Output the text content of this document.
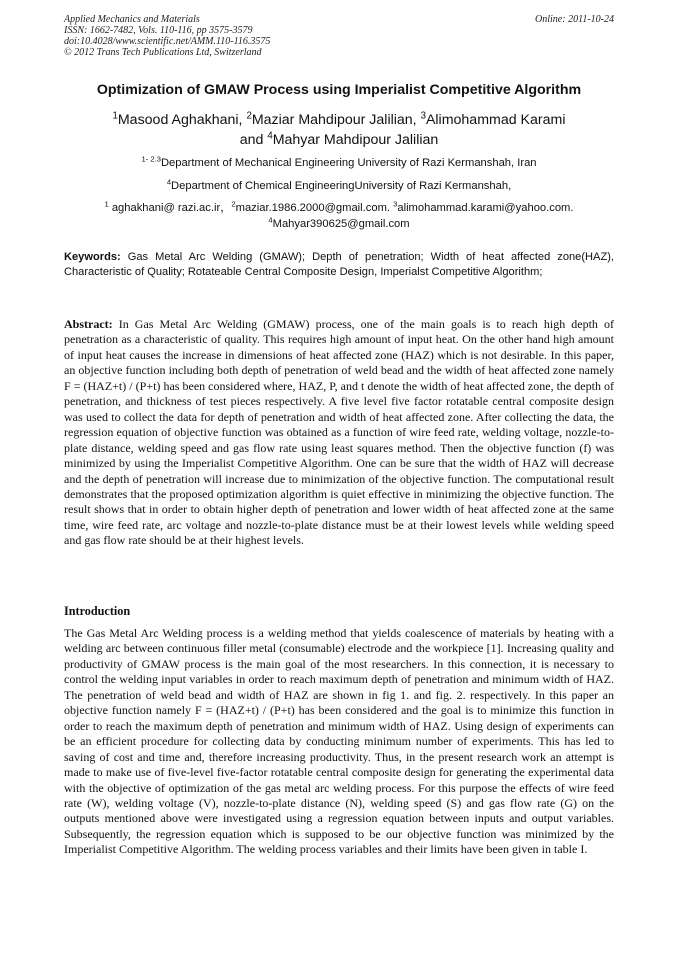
Applied Mechanics and Materials
ISSN: 1662-7482, Vols. 110-116, pp 3575-3579
doi:10.4028/www.scientific.net/AMM.110-116.3575
© 2012 Trans Tech Publications Ltd, Switzerland
Online: 2011-10-24
Optimization of GMAW Process using Imperialist Competitive Algorithm
$^1$Masood Aghakhani, $^2$Maziar Mahdipour Jalilian, $^3$Alimohammad Karami
and $^4$Mahyar Mahdipour Jalilian
$^{1- 2.3}$Department of Mechanical Engineering University of Razi Kermanshah, Iran
$^4$Department of Chemical EngineeringUniversity of Razi Kermanshah,
$^1$ aghakhani@ razi.ac.ir，$^2$maziar.1986.2000@gmail.com. $^3$alimohammad.karami@yahoo.com.
$^4$Mahyar390625@gmail.com
Keywords: Gas Metal Arc Welding (GMAW); Depth of penetration; Width of heat affected zone(HAZ), Characteristic of Quality; Rotateable Central Composite Design, Imperialst Competitive Algorithm;
Abstract: In Gas Metal Arc Welding (GMAW) process, one of the main goals is to reach high depth of penetration as a characteristic of quality. This requires high amount of input heat. On the other hand high amount of input heat causes the increase in dimensions of heat affected zone (HAZ) which is not desirable. In this paper, an objective function including both depth of penetration of weld bead and the width of heat affected zone namely F = (HAZ+t) / (P+t) has been considered where, HAZ, P, and t denote the width of heat affected zone, the depth of penetration, and thickness of test pieces respectively. A five level five factor rotatable central composite design was used to collect the data for depth of penetration and width of heat affected zone. After collecting the data, the regression equation of objective function was obtained as a function of wire feed rate, welding voltage, nozzle-to-plate distance, welding speed and gas flow rate using least squares method. Then the objective function (f) was minimized by using the Imperialist Competitive Algorithm. One can be sure that the width of HAZ will decrease and the depth of penetration will increase due to minimization of the objective function. The computational result demonstrates that the proposed optimization algorithm is quiet effective in minimizing the objective function. The result shows that in order to obtain higher depth of penetration and lower width of heat affected zone at the same time, wire feed rate, arc voltage and nozzle-to-plate distance must be at their lowest levels while welding speed and gas flow rate should be at their highest levels.
Introduction
The Gas Metal Arc Welding process is a welding method that yields coalescence of materials by heating with a welding arc between continuous filler metal (consumable) electrode and the workpiece [1]. Increasing quality and productivity of GMAW process is the main goal of the most researchers. In this connection, it is necessary to control the welding input variables in order to reach maximum depth of penetration and minimum width of HAZ. The penetration of weld bead and width of HAZ are shown in fig 1. and fig. 2. respectively. In this paper an objective function namely F = (HAZ+t) / (P+t) has been considered and the goal is to minimize this function in order to reach the maximum depth of penetration and minimum width of HAZ. Using design of experiments can be an efficient procedure for collecting data by conducting minimum number of experiments. This has led to saving of cost and time and, therefore increasing productivity. Thus, in the present research work an attempt is made to make use of five-level five-factor rotatable central composite design for generating the experimental data with the objective of optimization of the gas metal arc welding process. For this purpose the effects of wire feed rate (W), welding voltage (V), nozzle-to-plate distance (N), welding speed (S) and gas flow rate (G) on the outputs mentioned above were investigated using a regression equation between inputs and output variables. Subsequently, the regression equation which is supposed to be our objective function was minimized by the Imperialist Competitive Algorithm. The welding process variables and their limits have been given in table I.
